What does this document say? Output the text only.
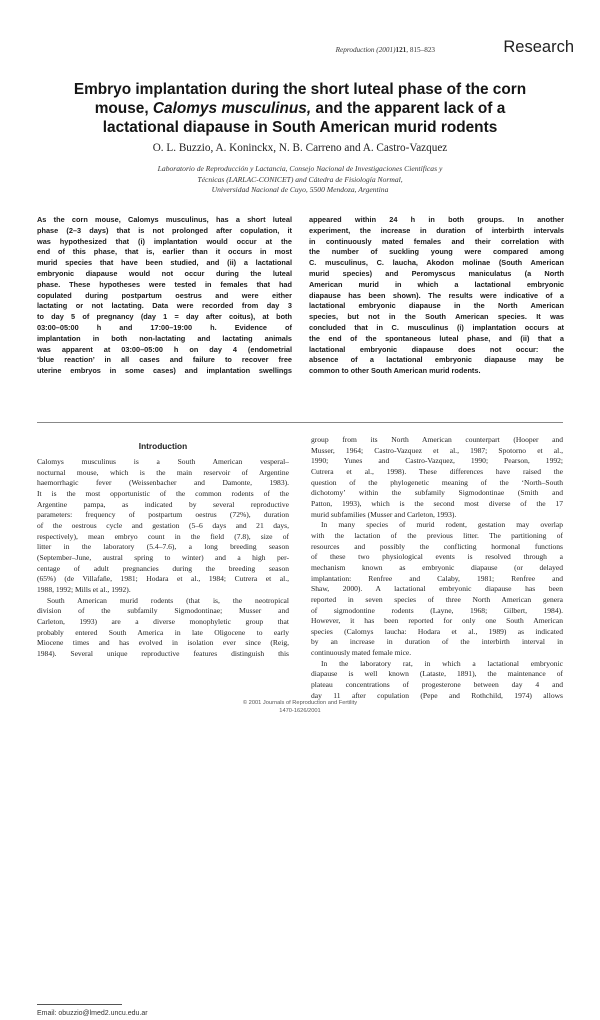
Reproduction (2001)121, 815–823	Research
Embryo implantation during the short luteal phase of the corn
mouse, Calomys musculinus, and the apparent lack of a
lactational diapause in South American murid rodents
O. L. Buzzio, A. Koninckx, N. B. Carreno and A. Castro-Vazquez
Laboratorio de Reproducción y Lactancia, Consejo Nacional de Investigaciones Científicas y
Técnicas (LARLAC-CONICET) and Cátedra de Fisiología Normal,
Universidad Nacional de Cuyo, 5500 Mendoza, Argentina
As the corn mouse, Calomys musculinus, has a short luteal
phase (2–3 days) that is not prolonged after copulation, it
was hypothesized that (i) implantation would occur at the
end of this phase, that is, earlier than it occurs in most
murid species that have been studied, and (ii) a lactational
embryonic diapause would not occur during the luteal
phase. These hypotheses were tested in females that had
copulated during postpartum oestrus and were either
lactating or not lactating. Data were recorded from day 3
to day 5 of pregnancy (day 1 = day after coitus), at both
03:00–05:00 h and 17:00–19:00 h. Evidence of
implantation in both non-lactating and lactating animals
was apparent at 03:00–05:00 h on day 4 (endometrial
‘blue reaction’ in all cases and failure to recover free
uterine embryos in some cases) and implantation swellings
appeared within 24 h in both groups. In another
experiment, the increase in duration of interbirth intervals
in continuously mated females and their correlation with
the number of suckling young were compared among
C. musculinus, C. laucha, Akodon molinae (South American
murid species) and Peromyscus maniculatus (a North
American murid in which a lactational embryonic
diapause has been shown). The results were indicative of a
lactational embryonic diapause in the North American
species, but not in the South American species. It was
concluded that in C. musculinus (i) implantation occurs at
the end of the spontaneous luteal phase, and (ii) that a
lactational embryonic diapause does not occur: the
absence of a lactational embryonic diapause may be
common to other South American murid rodents.
Introduction
Calomys musculinus is a South American vesperal–
nocturnal mouse, which is the main reservoir of Argentine
haemorrhagic fever (Weissenbacher and Damonte, 1983).
It is the most opportunistic of the common rodents of the
Argentine pampa, as indicated by several reproductive
parameters: frequency of postpartum oestrus (72%), duration
of the oestrous cycle and gestation (5–6 days and 21 days,
respectively), mean embryo count in the field (7.8), size of
litter in the laboratory (5.4–7.6), a long breeding season
(September–June, austral spring to winter) and a high per-
centage of adult pregnancies during the breeding season
(65%) (de Villafañe, 1981; Hodara et al., 1984; Cutrera et al.,
1988, 1992; Mills et al., 1992).
South American murid rodents (that is, the neotropical
division of the subfamily Sigmodontinae; Musser and
Carleton, 1993) are a diverse monophyletic group that
probably entered South America in late Oligocene to early
Miocene times and has evolved in isolation ever since (Reig,
1984). Several unique reproductive features distinguish this
Email: obuzzio@lmed2.uncu.edu.ar
group from its North American counterpart (Hooper and
Musser, 1964; Castro-Vazquez et al., 1987; Spotorno et al.,
1990; Yunes and Castro-Vazquez, 1990; Pearson, 1992;
Cutrera et al., 1998). These differences have raised the
question of the phylogenetic meaning of the ‘North–South
dichotomy’ within the subfamily Sigmodontinae (Smith and
Patton, 1993), which is the second most diverse of the 17
murid subfamilies (Musser and Carleton, 1993).
In many species of murid rodent, gestation may overlap
with the lactation of the previous litter. The partitioning of
resources and possibly the conflicting hormonal functions
of these two physiological events is resolved through a
mechanism known as embryonic diapause (or delayed
implantation: Renfree and Calaby, 1981; Renfree and
Shaw, 2000). A lactational embryonic diapause has been
reported in seven species of three North American genera
of sigmodontine rodents (Layne, 1968; Gilbert, 1984).
However, it has been reported for only one South American
species (Calomys laucha: Hodara et al., 1989) as indicated
by an increase in duration of the interbirth interval in
continuously mated female mice.
In the laboratory rat, in which a lactational embryonic
diapause is well known (Lataste, 1891), the maintenance of
plateau concentrations of progesterone between day 4 and
day 11 after copulation (Pepe and Rothchild, 1974) allows
© 2001 Journals of Reproduction and Fertility
1470-1626/2001
